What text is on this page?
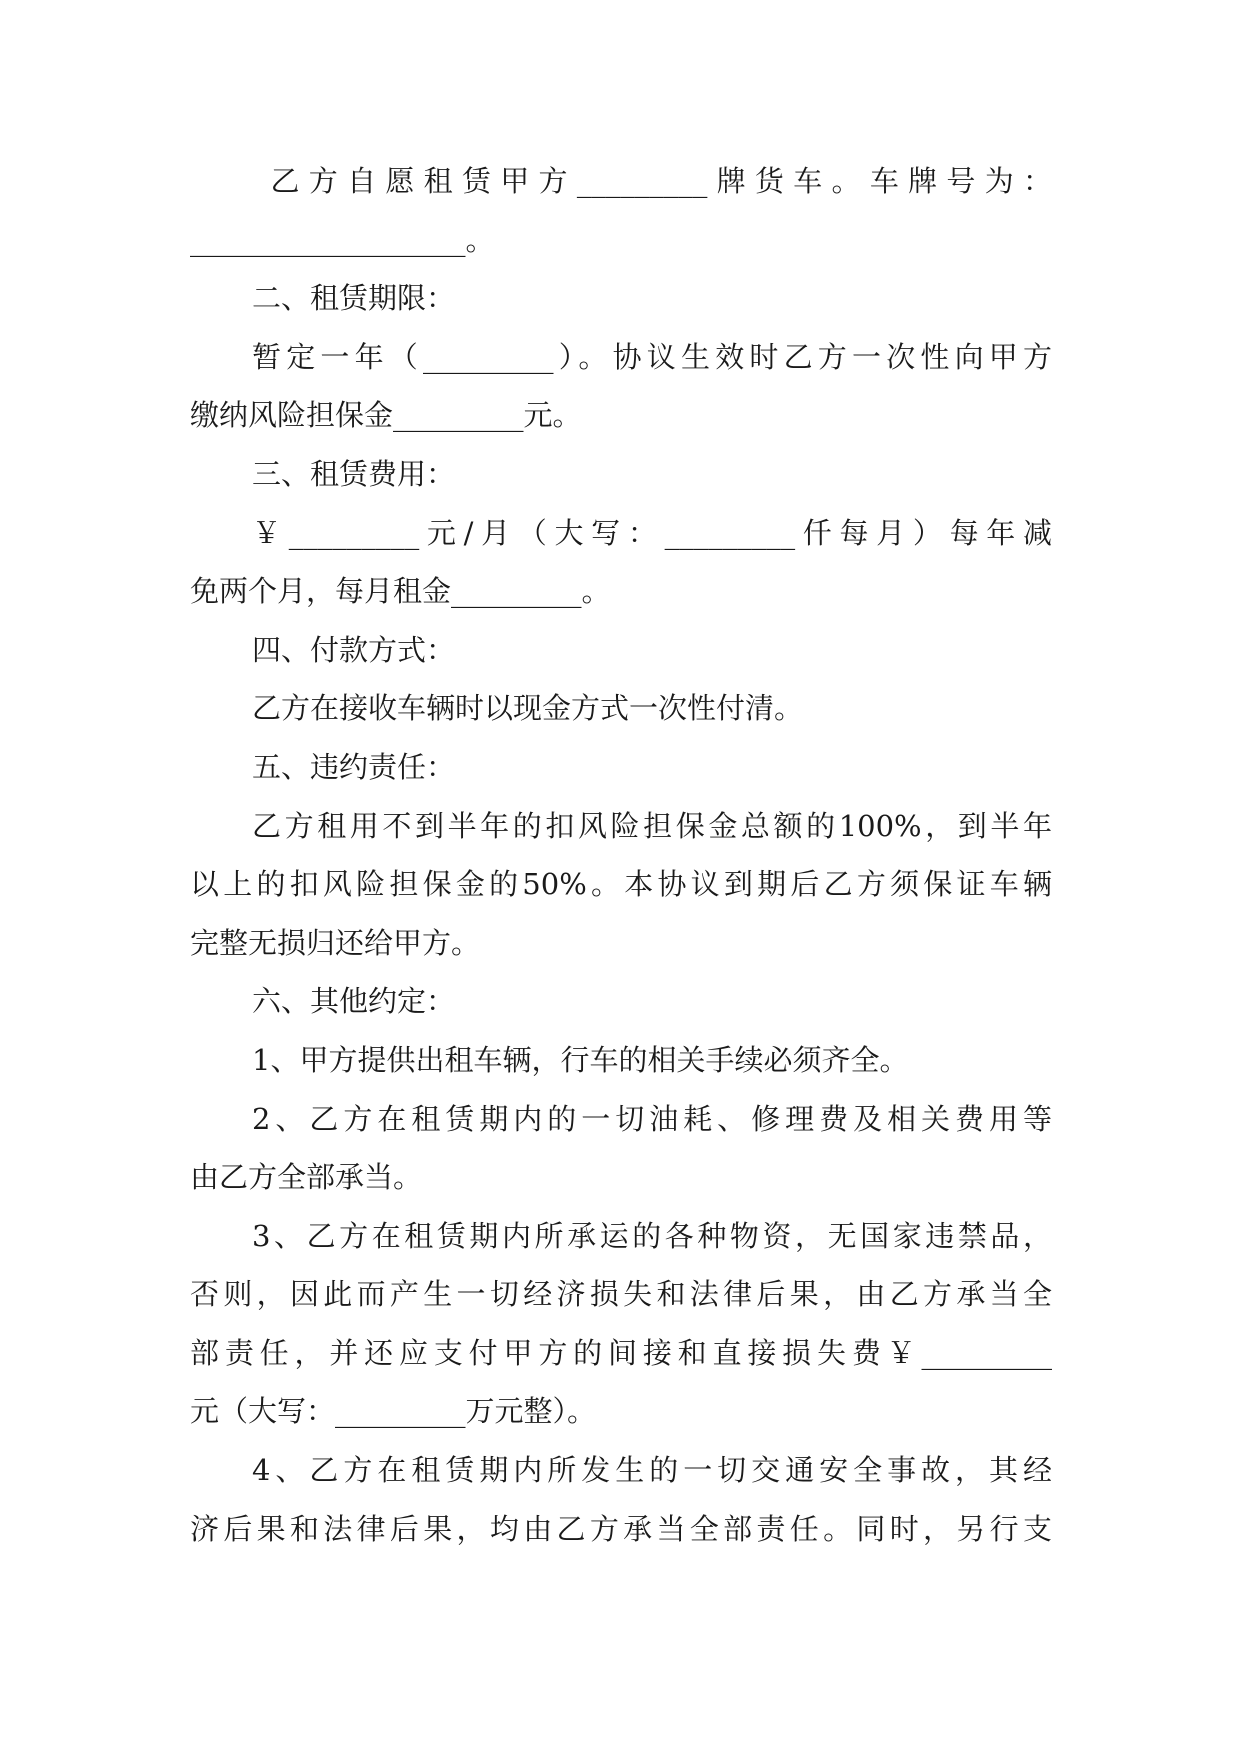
乙方自愿租赁甲方_________牌货车。车牌号为：
___________________。
二、租赁期限：
暂定一年（_________）。协议生效时乙方一次性向甲方
缴纳风险担保金_________元。
三、租赁费用：
￥_________元/月（大写：_________仟每月）每年减
免两个月，每月租金_________。
四、付款方式：
乙方在接收车辆时以现金方式一次性付清。
五、违约责任：
乙方租用不到半年的扣风险担保金总额的100%，到半年
以上的扣风险担保金的50%。本协议到期后乙方须保证车辆
完整无损归还给甲方。
六、其他约定：
1、甲方提供出租车辆，行车的相关手续必须齐全。
2、乙方在租赁期内的一切油耗、修理费及相关费用等
由乙方全部承当。
3、乙方在租赁期内所承运的各种物资，无国家违禁品，
否则，因此而产生一切经济损失和法律后果，由乙方承当全
部责任，并还应支付甲方的间接和直接损失费￥_________
元（大写：_________万元整）。
4、乙方在租赁期内所发生的一切交通安全事故，其经
济后果和法律后果，均由乙方承当全部责任。同时，另行支
